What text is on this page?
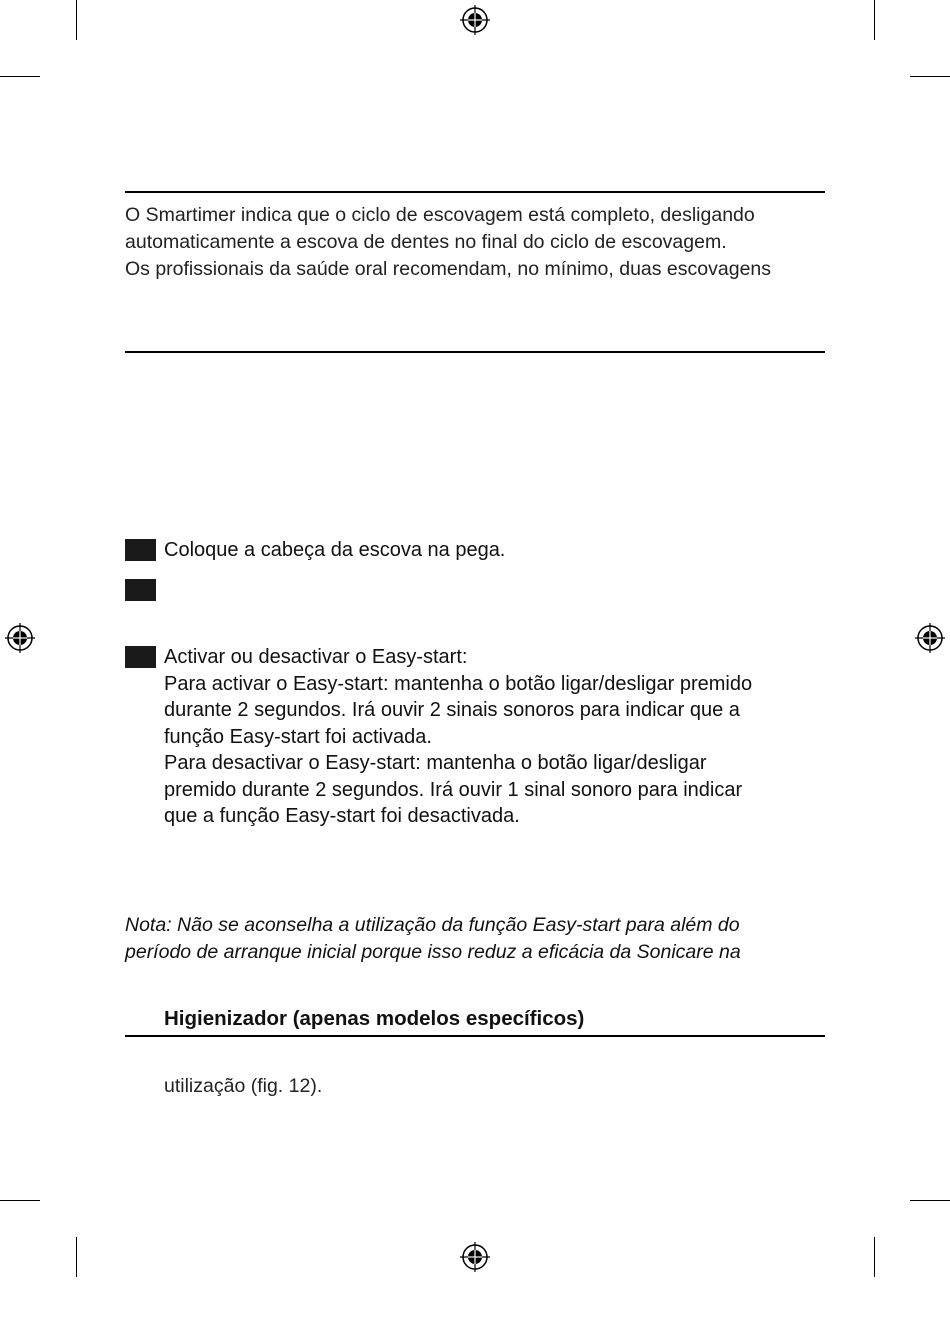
O Smartimer indica que o ciclo de escovagem está completo, desligando
automaticamente a escova de dentes no final do ciclo de escovagem.
Os profissionais da saúde oral recomendam, no mínimo, duas escovagens
Coloque a cabeça da escova na pega.
Activar ou desactivar o Easy-start:
Para activar o Easy-start: mantenha o botão ligar/desligar premido
durante 2 segundos. Irá ouvir 2 sinais sonoros para indicar que a
função Easy-start foi activada.
Para desactivar o Easy-start: mantenha o botão ligar/desligar
premido durante 2 segundos. Irá ouvir 1 sinal sonoro para indicar
que a função Easy-start foi desactivada.
Nota: Não se aconselha a utilização da função Easy-start para além do
período de arranque inicial porque isso reduz a eficácia da Sonicare na
Higienizador (apenas modelos específicos)
utilização (fig. 12).
